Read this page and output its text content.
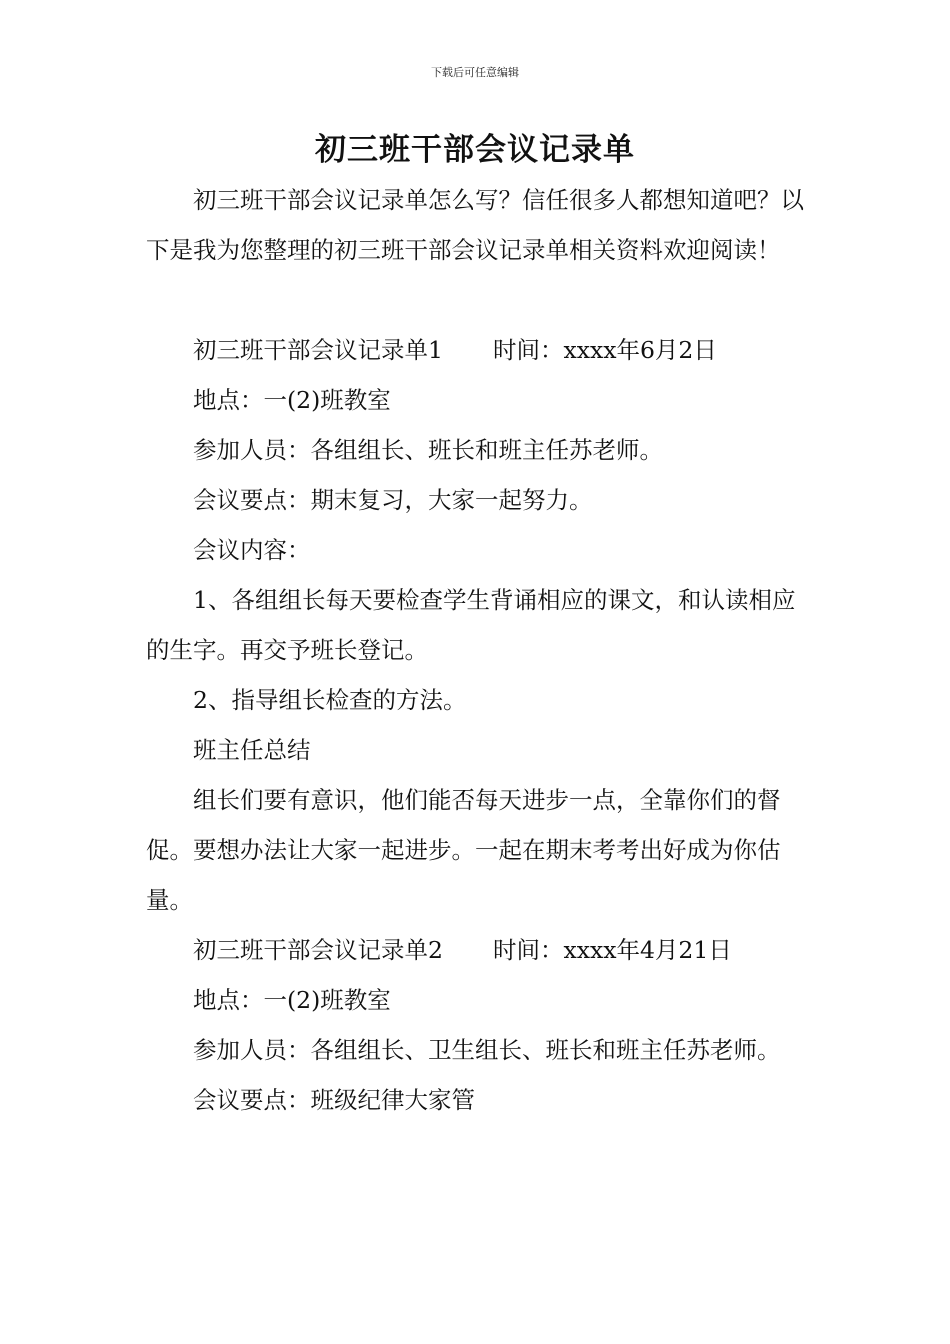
下载后可任意编辑
初三班干部会议记录单

初三班干部会议记录单怎么写？信任很多人都想知道吧？以下是我为您整理的初三班干部会议记录单相关资料欢迎阅读！

初三班干部会议记录单1 时间：xxxx年6月2日

地点：一(2)班教室

参加人员：各组组长、班长和班主任苏老师。

会议要点：期末复习，大家一起努力。

会议内容：

1、各组组长每天要检查学生背诵相应的课文，和认读相应的生字。再交予班长登记。

2、指导组长检查的方法。

班主任总结

组长们要有意识，他们能否每天进步一点，全靠你们的督促。要想办法让大家一起进步。一起在期末考考出好成为你估量。

初三班干部会议记录单2 时间：xxxx年4月21日

地点：一(2)班教室

参加人员：各组组长、卫生组长、班长和班主任苏老师。

会议要点：班级纪律大家管
